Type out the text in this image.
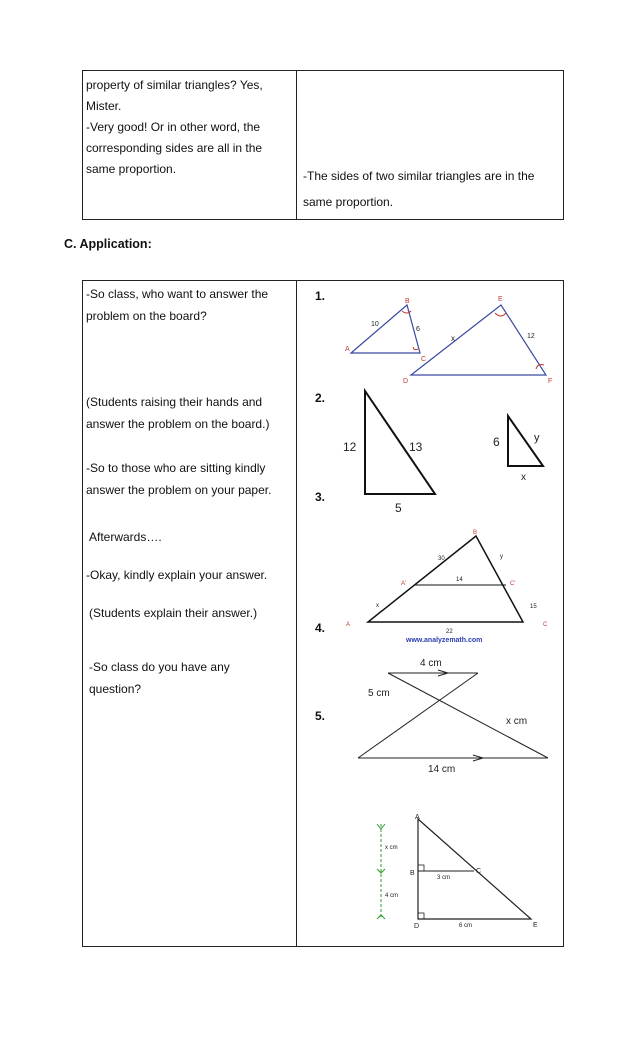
property of similar triangles? Yes,

Mister.

-Very good! Or in other word, the

corresponding sides are all in the

same proportion.	-The sides of two similar triangles are in the
same proportion.
C. Application:
-So class, who want to answer the
problem on the board?
(Students raising their hands and
answer the problem on the board.)
-So to those who are sitting kindly
answer the problem on your paper.
Afterwards….
-Okay, kindly explain your answer.
(Students explain their answer.)
-So class do you have any
question?
1.
2.
3.
4.
5.
A
B
C
10
6
D
E
F
x	12
12	13
5
6	y
x
B
A'	C'
A	C
30	y
14
x	15
22
www.analyzemath.com
4 cm
5 cm
x cm
14 cm
A
B	C
D	E
x cm
4 cm
3 cm
6 cm
